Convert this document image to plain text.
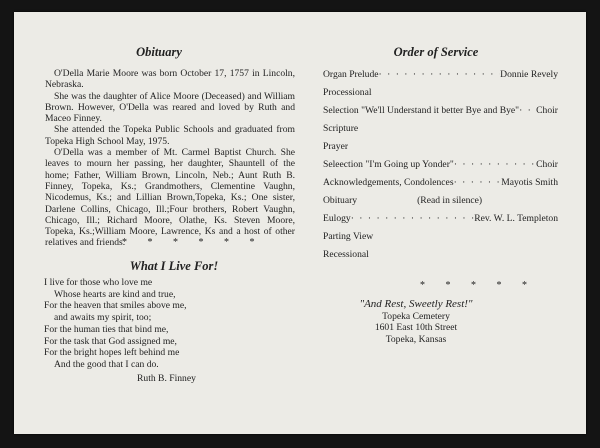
Obituary

O'Della Marie Moore was born October 17, 1757 in Lincoln, Nebraska.

She was the daughter of Alice Moore (Deceased) and William Brown. However, O'Della was reared and loved by Ruth and Maceo Finney.

She attended the Topeka Public Schools and graduated from Topeka High School May, 1975.

O'Della was a member of Mt. Carmel Baptist Church. She leaves to mourn her passing, her daughter, Shauntell of the home; Father, William Brown, Lincoln, Neb.; Aunt Ruth B. Finney, Topeka, Ks.; Grandmothers, Clementine Vaughn, Nicodemus, Ks.; and Lillian Brown,Topeka, Ks.; One sister, Darlene Collins, Chicago, Ill.;Four brothers, Robert Vaughn, Chicago, Ill.; Richard Moore, Olathe, Ks. Steven Moore, Topeka, Ks.;William Moore, Lawrence, Ks and a host of other relatives and friends.

* * * * * *
What I Live For!
I live for those who love me
Whose hearts are kind and true,
For the heaven that smiles above me,
and awaits my spirit, too;
For the human ties that bind me,
For the task that God assigned me,
For the bright hopes left behind me
And the good that I can do.
Ruth B. Finney
Order of Service
Organ Prelude · · ·	Donnie Revely
Processional
Selection "We'll Understand it better Bye and Bye" · · · Choir
Scripture
Prayer
Seleection "I'm Going up Yonder" · · ·	Choir
Acknowledgements, Condolences · · ·	Mayotis Smith
Obituary	(Read in silence)
Eulogy · · ·	Rev. W. L. Templeton
Parting View
Recessional
* * * * *
"And Rest, Sweetly Rest!"
Topeka Cemetery
1601 East 10th Street
Topeka, Kansas
